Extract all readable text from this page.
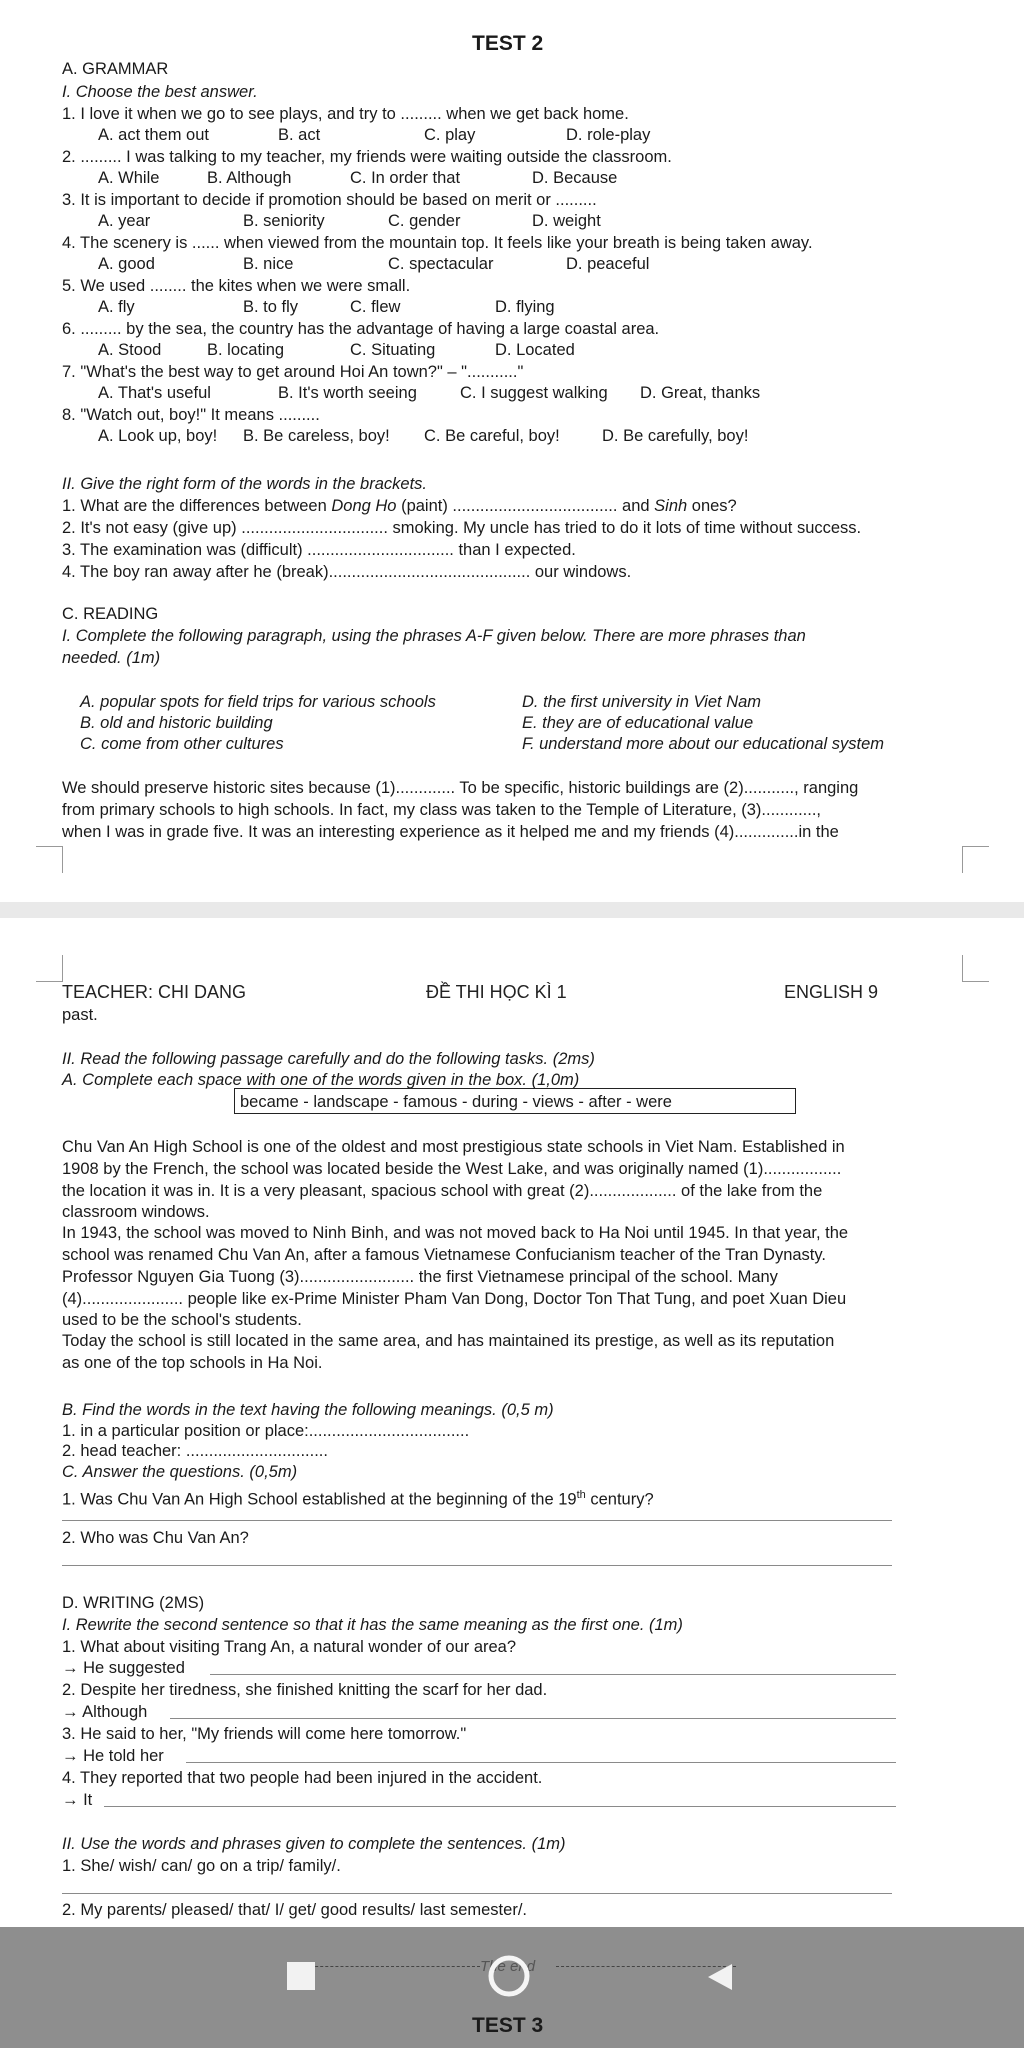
TEST 2
A. GRAMMAR
I. Choose the best answer.
1. I love it when we go to see plays, and try to ......... when we get back home.
A. act them out	B. act	C. play	D. role-play
2. ......... I was talking to my teacher, my friends were waiting outside the classroom.
A. While	B. Although	C. In order that	D. Because
3. It is important to decide if promotion should be based on merit or .........
A. year	B. seniority	C. gender	D. weight
4. The scenery is ...... when viewed from the mountain top. It feels like your breath is being taken away.
A. good	B. nice	C. spectacular	D. peaceful
5. We used ........ the kites when we were small.
A. fly	B. to fly	C. flew	D. flying
6. ......... by the sea, the country has the advantage of having a large coastal area.
A. Stood	B. locating	C. Situating	D. Located
7. "What's the best way to get around Hoi An town?" – "..........."
A. That's useful	B. It's worth seeing	C. I suggest walking D. Great, thanks
8. "Watch out, boy!" It means .........
A. Look up, boy! B. Be careless, boy! C. Be careful, boy!	D. Be carefully, boy!
II. Give the right form of the words in the brackets.
1. What are the differences between Dong Ho (paint) .................................... and Sinh ones?
2. It's not easy (give up) ................................ smoking. My uncle has tried to do it lots of time without success.
3. The examination was (difficult) ................................ than I expected.
4. The boy ran away after he (break)............................................ our windows.
C. READING
I. Complete the following paragraph, using the phrases A-F given below. There are more phrases than
needed. (1m)
A. popular spots for field trips for various schools
B. old and historic building
C. come from other cultures
D. the first university in Viet Nam
E. they are of educational value
F. understand more about our educational system
We should preserve historic sites because (1)............. To be specific, historic buildings are (2)..........., ranging
from primary schools to high schools. In fact, my class was taken to the Temple of Literature, (3)............,
when I was in grade five. It was an interesting experience as it helped me and my friends (4)..............in the
TEACHER: CHI DANG	ĐỀ THI HỌC KÌ 1	ENGLISH 9
past.
II. Read the following passage carefully and do the following tasks. (2ms)
A. Complete each space with one of the words given in the box. (1,0m)
became - landscape - famous - during - views - after - were
Chu Van An High School is one of the oldest and most prestigious state schools in Viet Nam. Established in
1908 by the French, the school was located beside the West Lake, and was originally named (1).................
the location it was in. It is a very pleasant, spacious school with great (2)................... of the lake from the
classroom windows.
In 1943, the school was moved to Ninh Binh, and was not moved back to Ha Noi until 1945. In that year, the
school was renamed Chu Van An, after a famous Vietnamese Confucianism teacher of the Tran Dynasty.
Professor Nguyen Gia Tuong (3)......................... the first Vietnamese principal of the school. Many
(4)...................... people like ex-Prime Minister Pham Van Dong, Doctor Ton That Tung, and poet Xuan Dieu
used to be the school's students.
Today the school is still located in the same area, and has maintained its prestige, as well as its reputation
as one of the top schools in Ha Noi.
B. Find the words in the text having the following meanings. (0,5 m)
1. in a particular position or place:...................................
2. head teacher: ...............................
C. Answer the questions. (0,5m)
1. Was Chu Van An High School established at the beginning of the 19th century?
2. Who was Chu Van An?
D. WRITING (2MS)
I. Rewrite the second sentence so that it has the same meaning as the first one. (1m)
1. What about visiting Trang An, a natural wonder of our area?
→ He suggested
2. Despite her tiredness, she finished knitting the scarf for her dad.
→ Although
3. He said to her, "My friends will come here tomorrow."
→ He told her
4. They reported that two people had been injured in the accident.
→ It
II. Use the words and phrases given to complete the sentences. (1m)
1. She/ wish/ can/ go on a trip/ family/.
2. My parents/ pleased/ that/ I/ get/ good results/ last semester/.
The end
TEST 3
